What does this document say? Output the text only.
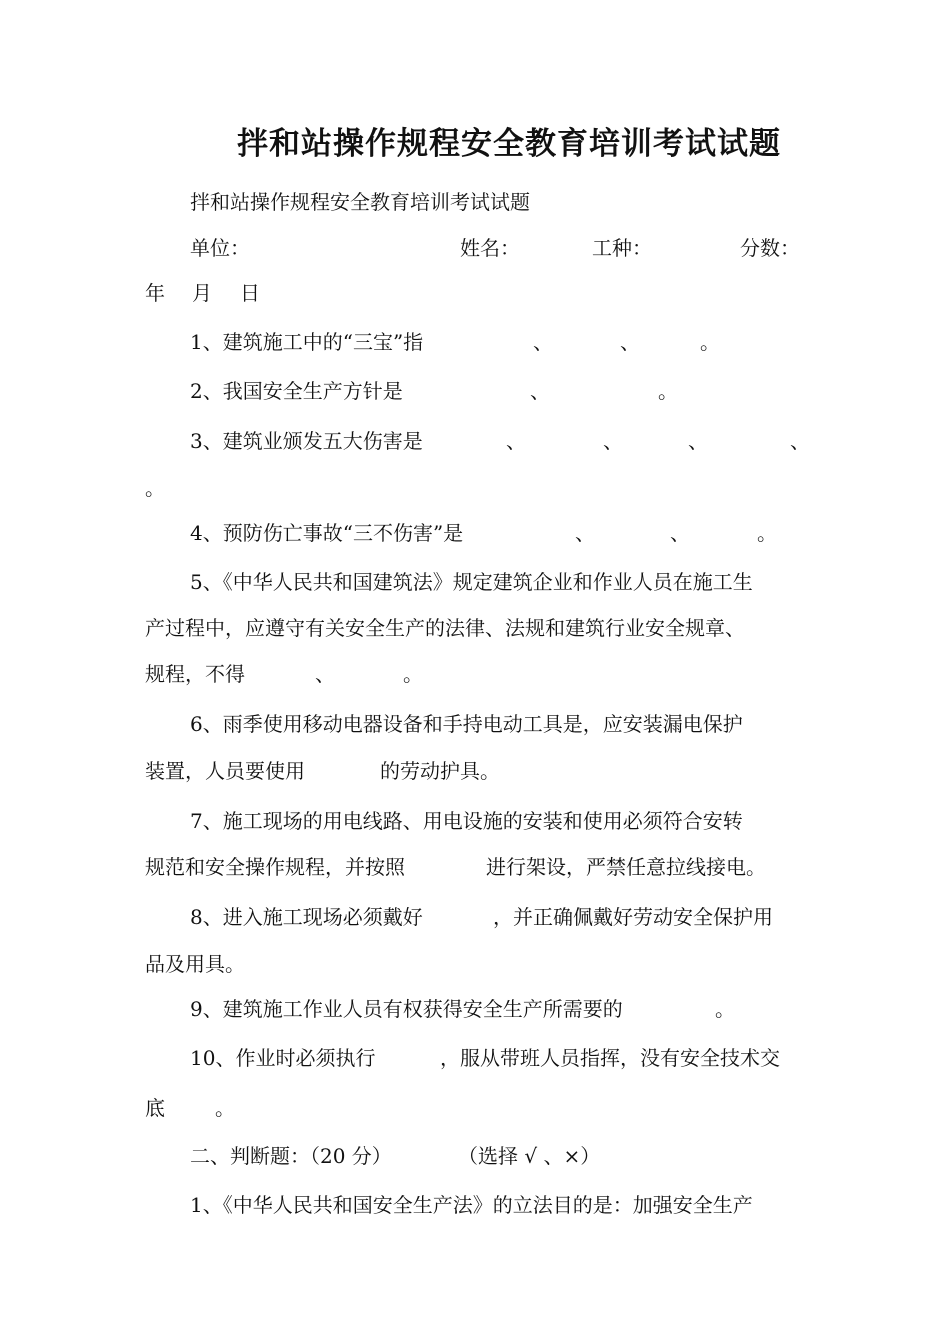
拌和站操作规程安全教育培训考试试题
拌和站操作规程安全教育培训考试试题
单位：	姓名：	工种：	分数：
年 月 日
1、建筑施工中的“三宝”指	、	、	。
2、我国安全生产方针是	、	。
3、建筑业颁发五大伤害是	、	、	、	、
。
4、预防伤亡事故“三不伤害”是	、	、	。
5、《中华人民共和国建筑法》规定建筑企业和作业人员在施工生
产过程中，应遵守有关安全生产的法律、法规和建筑行业安全规章、
规程，不得	、	。
6、雨季使用移动电器设备和手持电动工具是，应安装漏电保护
装置，人员要使用	的劳动护具。
7、施工现场的用电线路、用电设施的安装和使用必须符合安转
规范和安全操作规程，并按照	进行架设，严禁任意拉线接电。
8、进入施工现场必须戴好	，并正确佩戴好劳动安全保护用
品及用具。
9、建筑施工作业人员有权获得安全生产所需要的	。
10、作业时必须执行	，服从带班人员指挥，没有安全技术交
底	。
二、判断题：（20 分）	（选择 √ 、×）
1、《中华人民共和国安全生产法》的立法目的是：加强安全生产
